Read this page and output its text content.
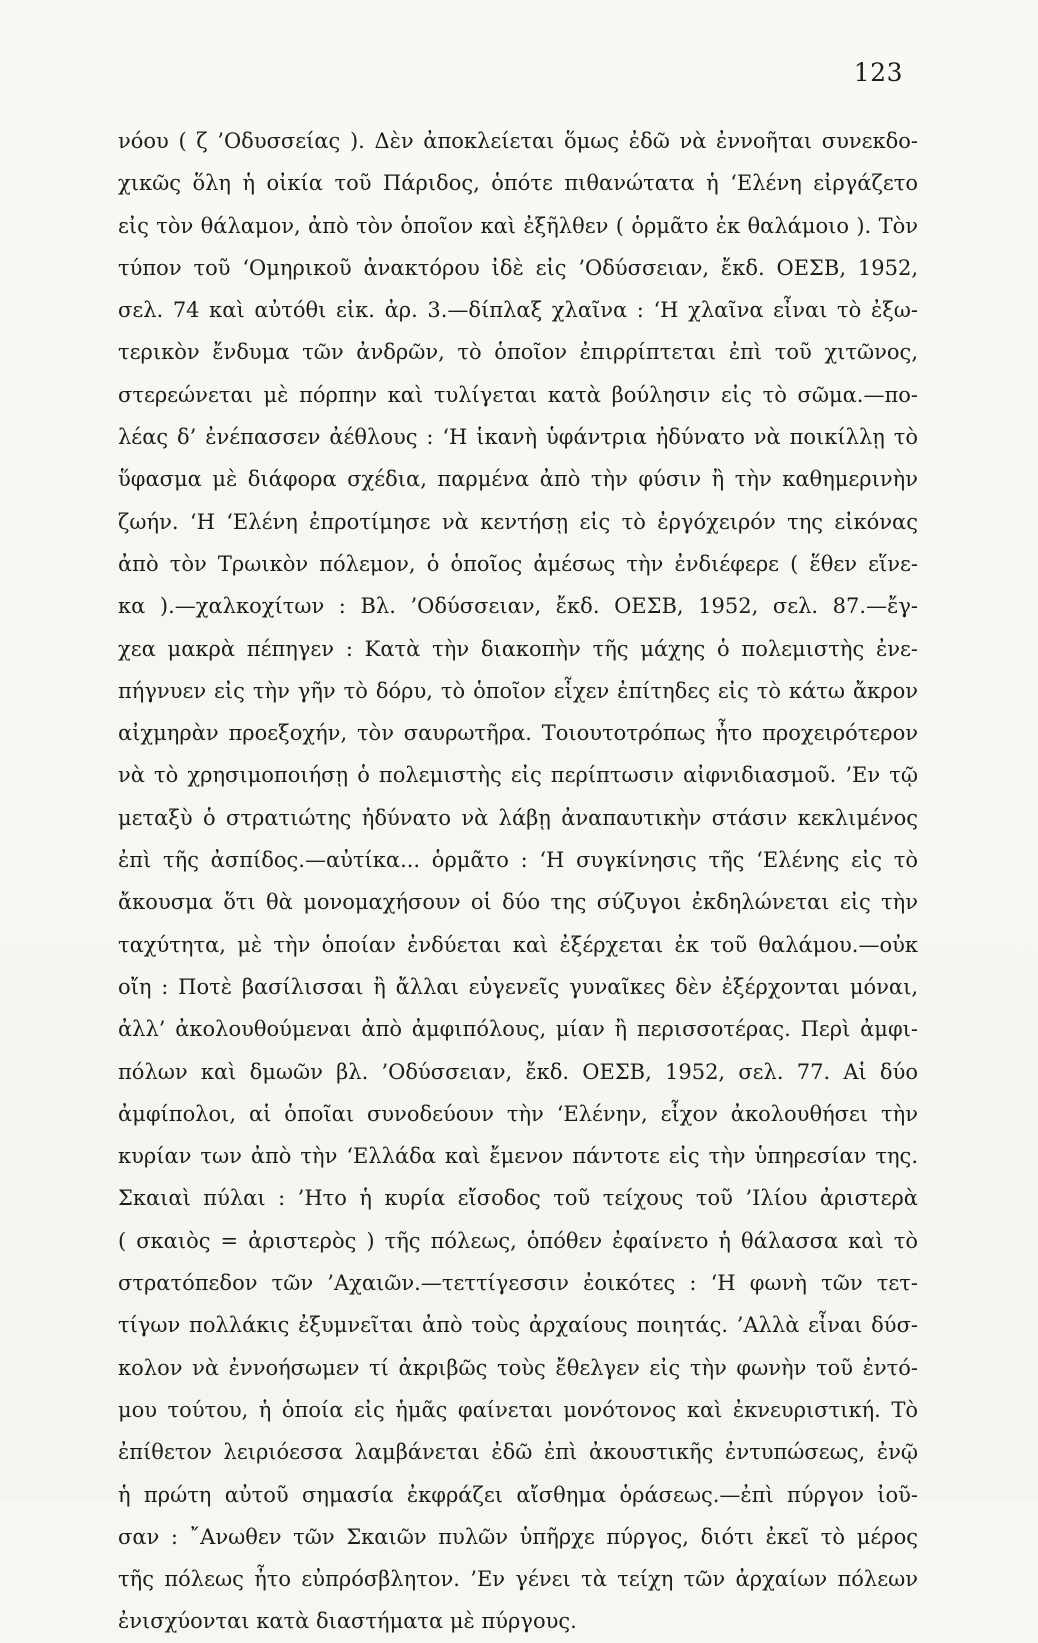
123
νόου ( ζ ’Οδυσσείας ). Δὲν ἀποκλείεται ὅμως ἐδῶ νὰ ἐννοῆται συνεκδο-
χικῶς ὅλη ἡ οἰκία τοῦ Πάριδος, ὁπότε πιθανώτατα ἡ ‘Ελένη εἰργάζετο
εἰς τὸν θάλαμον, ἀπὸ τὸν ὁποῖον καὶ ἐξῆλθεν ( ὁρμᾶτο ἐκ θαλάμοιο ). Τὸν
τύπον τοῦ ‘Ομηρικοῦ ἀνακτόρου ἰδὲ εἰς ’Οδύσσειαν, ἔκδ. ΟΕΣΒ, 1952,
σελ. 74 καὶ αὐτόθι εἰκ. ἀρ. 3.—δίπλαξ χλαῖνα : ‘Η χλαῖνα εἶναι τὸ ἐξω-
τερικὸν ἔνδυμα τῶν ἀνδρῶν, τὸ ὁποῖον ἐπιρρίπτεται ἐπὶ τοῦ χιτῶνος,
στερεώνεται μὲ πόρπην καὶ τυλίγεται κατὰ βούλησιν εἰς τὸ σῶμα.—πο-
λέας δ’ ἐνέπασσεν ἀέθλους : ‘Η ἱκανὴ ὑφάντρια ἠδύνατο νὰ ποικίλλῃ τὸ
ὕφασμα μὲ διάφορα σχέδια, παρμένα ἀπὸ τὴν φύσιν ἢ τὴν καθημερινὴν
ζωήν. ‘Η ‘Ελένη ἐπροτίμησε νὰ κεντήσῃ εἰς τὸ ἐργόχειρόν της εἰκόνας
ἀπὸ τὸν Τρωικὸν πόλεμον, ὁ ὁποῖος ἀμέσως τὴν ἐνδιέφερε ( ἕθεν εἵνε-
κα ).—χαλκοχίτων : Βλ. ’Οδύσσειαν, ἔκδ. ΟΕΣΒ, 1952, σελ. 87.—ἔγ-
χεα μακρὰ πέπηγεν : Κατὰ τὴν διακοπὴν τῆς μάχης ὁ πολεμιστὴς ἐνε-
πήγνυεν εἰς τὴν γῆν τὸ δόρυ, τὸ ὁποῖον εἶχεν ἐπίτηδες εἰς τὸ κάτω ἄκρον
αἰχμηρὰν προεξοχήν, τὸν σαυρωτῆρα. Τοιουτοτρόπως ἦτο προχειρότερον
νὰ τὸ χρησιμοποιήσῃ ὁ πολεμιστὴς εἰς περίπτωσιν αἰφνιδιασμοῦ. ’Εν τῷ
μεταξὺ ὁ στρατιώτης ἠδύνατο νὰ λάβῃ ἀναπαυτικὴν στάσιν κεκλιμένος
ἐπὶ τῆς ἀσπίδος.—αὐτίκα... ὁρμᾶτο : ‘Η συγκίνησις τῆς ‘Ελένης εἰς τὸ
ἄκουσμα ὅτι θὰ μονομαχήσουν οἱ δύο της σύζυγοι ἐκδηλώνεται εἰς τὴν
ταχύτητα, μὲ τὴν ὁποίαν ἐνδύεται καὶ ἐξέρχεται ἐκ τοῦ θαλάμου.—οὐκ
οἴη : Ποτὲ βασίλισσαι ἢ ἄλλαι εὐγενεῖς γυναῖκες δὲν ἐξέρχονται μόναι,
ἀλλ’ ἀκολουθούμεναι ἀπὸ ἀμφιπόλους, μίαν ἢ περισσοτέρας. Περὶ ἀμφι-
πόλων καὶ δμωῶν βλ. ’Οδύσσειαν, ἔκδ. ΟΕΣΒ, 1952, σελ. 77. Αἱ δύο
ἀμφίπολοι, αἱ ὁποῖαι συνοδεύουν τὴν ‘Ελένην, εἶχον ἀκολουθήσει τὴν
κυρίαν των ἀπὸ τὴν ‘Ελλάδα καὶ ἔμενον πάντοτε εἰς τὴν ὑπηρεσίαν της.
Σκαιαὶ πύλαι : ’Ητο ἡ κυρία εἴσοδος τοῦ τείχους τοῦ ’Ιλίου ἀριστερὰ
( σκαιὸς = ἀριστερὸς ) τῆς πόλεως, ὁπόθεν ἐφαίνετο ἡ θάλασσα καὶ τὸ
στρατόπεδον τῶν ’Αχαιῶν.—τεττίγεσσιν ἐοικότες : ‘Η φωνὴ τῶν τετ-
τίγων πολλάκις ἐξυμνεῖται ἀπὸ τοὺς ἀρχαίους ποιητάς. ’Αλλὰ εἶναι δύσ-
κολον νὰ ἐννοήσωμεν τί ἀκριβῶς τοὺς ἔθελγεν εἰς τὴν φωνὴν τοῦ ἐντό-
μου τούτου, ἡ ὁποία εἰς ἡμᾶς φαίνεται μονότονος καὶ ἐκνευριστική. Τὸ
ἐπίθετον λειριόεσσα λαμβάνεται ἐδῶ ἐπὶ ἀκουστικῆς ἐντυπώσεως, ἐνῷ
ἡ πρώτη αὐτοῦ σημασία ἐκφράζει αἴσθημα ὁράσεως.—ἐπὶ πύργον ἰοῦ-
σαν : ῎Ανωθεν τῶν Σκαιῶν πυλῶν ὑπῆρχε πύργος, διότι ἐκεῖ τὸ μέρος
τῆς πόλεως ἦτο εὐπρόσβλητον. ’Εν γένει τὰ τείχη τῶν ἀρχαίων πόλεων
ἐνισχύονται κατὰ διαστήματα μὲ πύργους.
